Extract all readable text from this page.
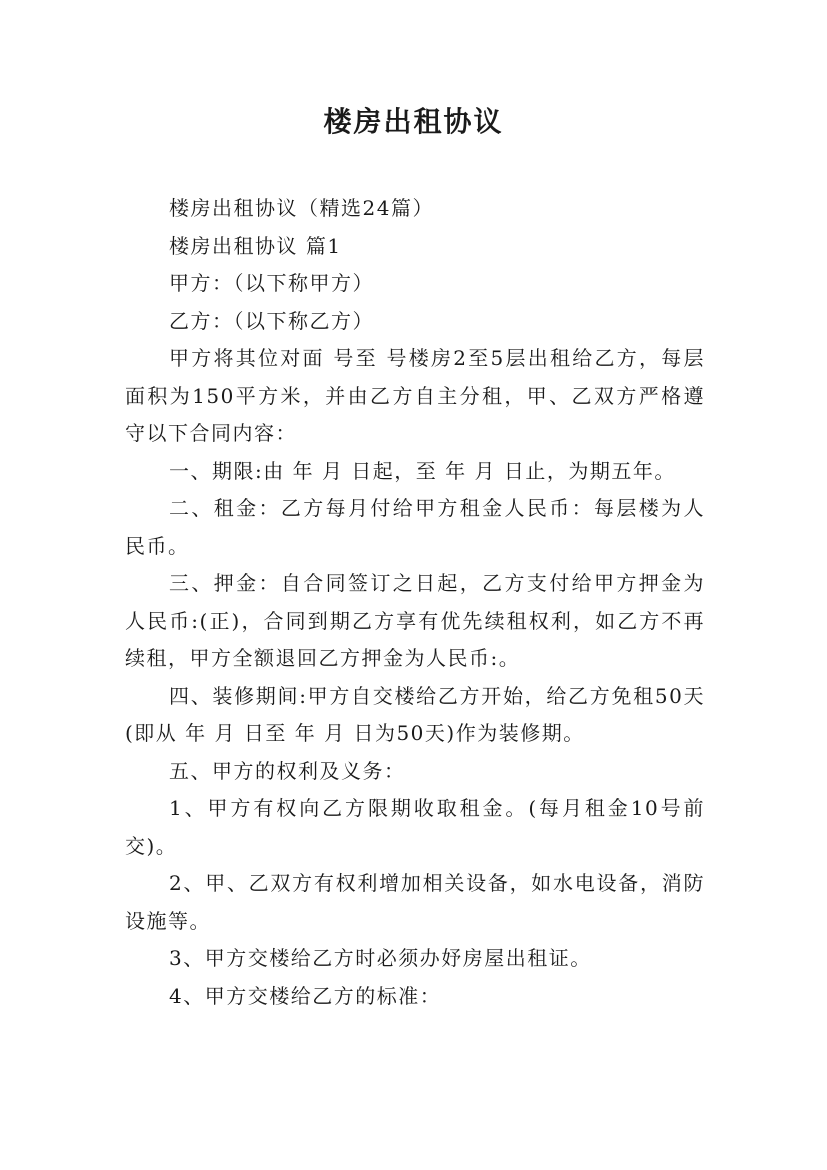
楼房出租协议

楼房出租协议（精选24篇）

楼房出租协议 篇1

甲方：（以下称甲方）

乙方：（以下称乙方）

甲方将其位对面 号至 号楼房2至5层出租给乙方，每层面积为150平方米，并由乙方自主分租，甲、乙双方严格遵守以下合同内容：

一、期限:由 年 月 日起，至 年 月 日止，为期五年。

二、租金：乙方每月付给甲方租金人民币：每层楼为人民币。

三、押金：自合同签订之日起，乙方支付给甲方押金为人民币:(正)，合同到期乙方享有优先续租权利，如乙方不再续租，甲方全额退回乙方押金为人民币:。

四、装修期间:甲方自交楼给乙方开始，给乙方免租50天(即从 年 月 日至 年 月 日为50天)作为装修期。

五、甲方的权利及义务：

1、甲方有权向乙方限期收取租金。(每月租金10号前交)。

2、甲、乙双方有权利增加相关设备，如水电设备，消防设施等。

3、甲方交楼给乙方时必须办妤房屋出租证。

4、甲方交楼给乙方的标准：
